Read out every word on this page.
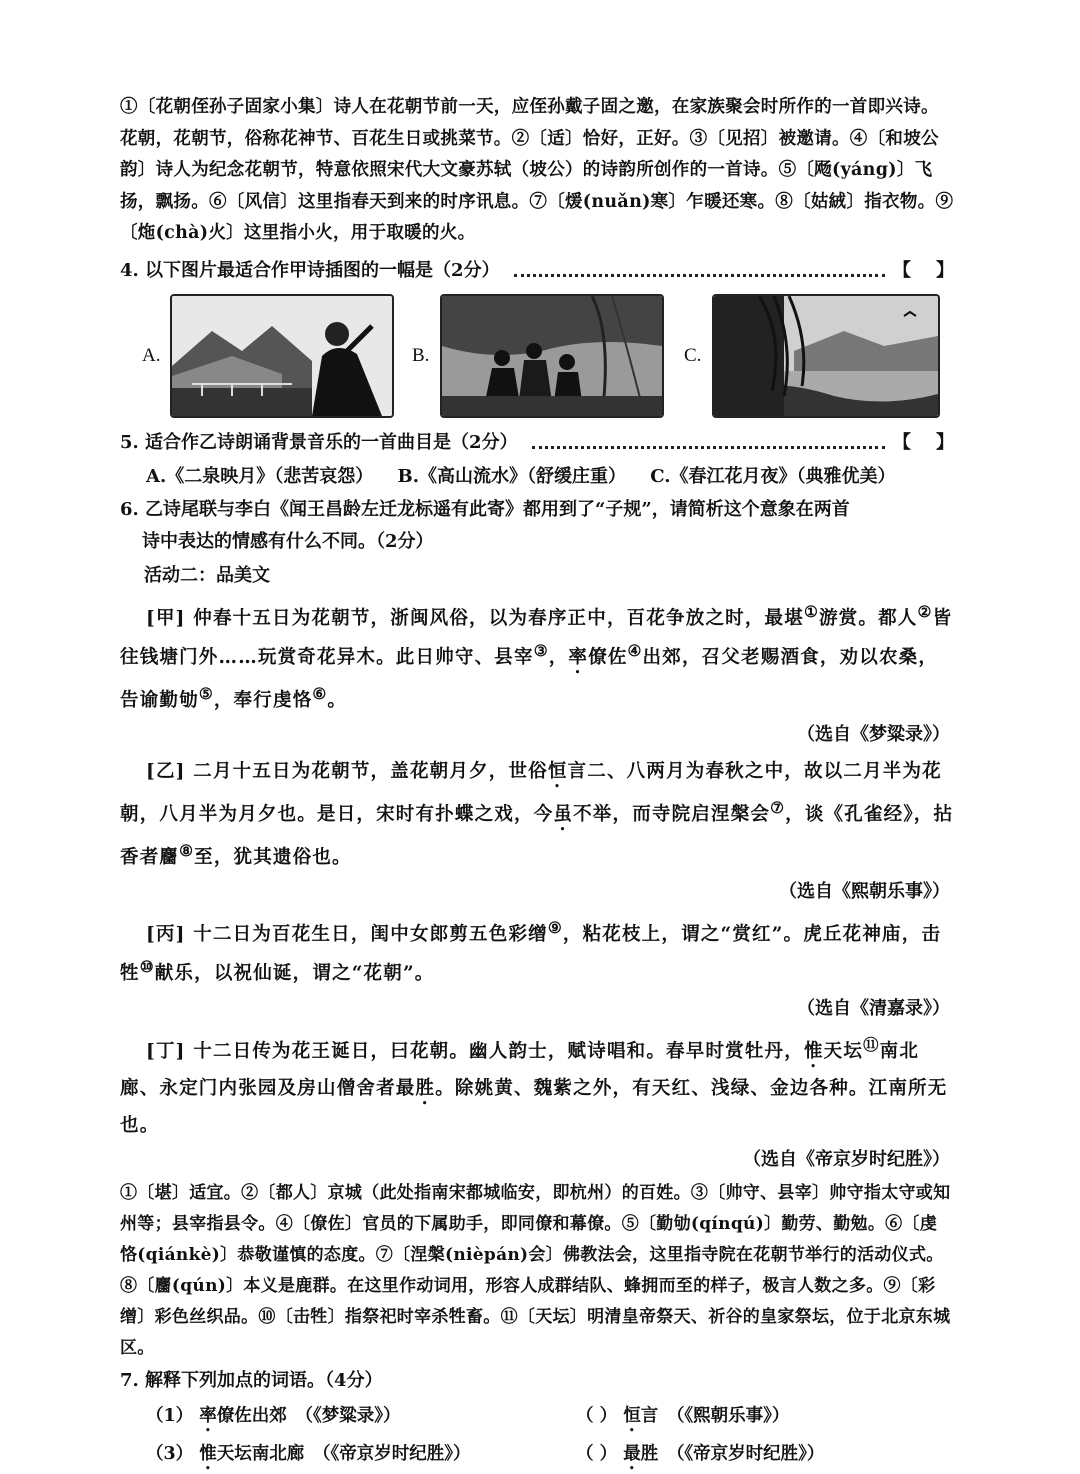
①〔花朝侄孙子固家小集〕诗人在花朝节前一天，应侄孙戴子固之邀，在家族聚会时所作的一首即兴诗。花朝，花朝节，俗称花神节、百花生日或挑菜节。②〔适〕恰好，正好。③〔见招〕被邀请。④〔和坡公韵〕诗人为纪念花朝节，特意依照宋代大文豪苏轼（坡公）的诗韵所创作的一首诗。⑤〔飏(yáng)〕飞扬，飘扬。⑥〔风信〕这里指春天到来的时序讯息。⑦〔煖(nuǎn)寒〕乍暖还寒。⑧〔姑絨〕指衣物。⑨〔炧(chà)火〕这里指小火，用于取暖的火。
4. 以下图片最适合作甲诗插图的一幅是（2分）	【    】
A.	B.	C.
5. 适合作乙诗朗诵背景音乐的一首曲目是（2分）	【    】
A.《二泉映月》（悲苦哀怨） B.《高山流水》（舒缓庄重） C.《春江花月夜》（典雅优美）
6. 乙诗尾联与李白《闻王昌龄左迁龙标遥有此寄》都用到了“子规”，请简析这个意象在两首
诗中表达的情感有什么不同。（2分）
活动二：品美文
[甲] 仲春十五日为花朝节，浙闽风俗，以为春序正中，百花争放之时，最堪①游赏。都人②皆往钱塘门外……玩赏奇花异木。此日帅守、县宰③，率僚佐④出郊，召父老赐酒食，劝以农桑，告谕勤劬⑤，奉行虔恪⑥。
（选自《梦粱录》）
[乙] 二月十五日为花朝节，盖花朝月夕，世俗恒言二、八两月为春秋之中，故以二月半为花朝，八月半为月夕也。是日，宋时有扑蝶之戏，今虽不举，而寺院启涅槃会⑦，谈《孔雀经》，拈香者麕⑧至，犹其遗俗也。
（选自《熙朝乐事》）
[丙] 十二日为百花生日，闺中女郎剪五色彩缯⑨，粘花枝上，谓之“赏红”。虎丘花神庙，击牲⑩献乐，以祝仙诞，谓之“花朝”。
（选自《清嘉录》）
[丁] 十二日传为花王诞日，曰花朝。幽人韵士，赋诗唱和。春早时赏牡丹，惟天坛⑪南北廊、永定门内张园及房山僧舍者最胜。除姚黄、魏紫之外，有天红、浅绿、金边各种。江南所无也。
（选自《帝京岁时纪胜》）
①〔堪〕适宜。②〔都人〕京城（此处指南宋都城临安，即杭州）的百姓。③〔帅守、县宰〕帅守指太守或知州等；县宰指县令。④〔僚佐〕官员的下属助手，即同僚和幕僚。⑤〔勤劬(qínqú)〕勤劳、勤勉。⑥〔虔恪(qiánkè)〕恭敬谨慎的态度。⑦〔涅槃(nièpán)会〕佛教法会，这里指寺院在花朝节举行的活动仪式。⑧〔麕(qún)〕本义是鹿群。在这里作动词用，形容人成群结队、蜂拥而至的样子，极言人数之多。⑨〔彩缯〕彩色丝织品。⑩〔击牲〕指祭祀时宰杀牲畜。⑪〔天坛〕明清皇帝祭天、祈谷的皇家祭坛，位于北京东城区。
7. 解释下列加点的词语。（4分）
（1） 率僚佐出郊　 （《梦粱录》）	（ ） 恒言　 （《熙朝乐事》）
（3） 惟天坛南北廊　 （《帝京岁时纪胜》）	（ ） 最胜　 （《帝京岁时纪胜》）
